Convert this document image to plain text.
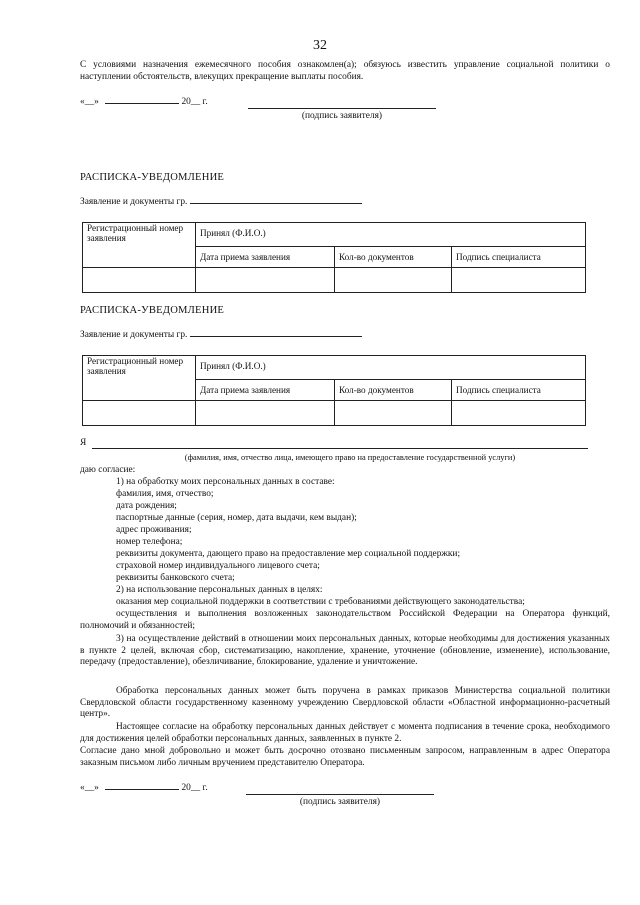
32
С условиями назначения ежемесячного пособия ознакомлен(а); обязуюсь известить управление социальной политики о наступлении обстоятельств, влекущих прекращение выплаты пособия.
«__»	20__ г.
(подпись заявителя)
РАСПИСКА-УВЕДОМЛЕНИЕ
Заявление и документы гр.
Регистрационный номер заявления	Принял (Ф.И.О.)		
	Дата приема заявления	Кол-во документов	Подпись специалиста

РАСПИСКА-УВЕДОМЛЕНИЕ
Заявление и документы гр.
Регистрационный номер заявления	Принял (Ф.И.О.)		
	Дата приема заявления	Кол-во документов	Подпись специалиста

Я
(фамилия, имя, отчество лица, имеющего право на предоставление государственной услуги)
даю согласие:
1) на обработку моих персональных данных в составе:
фамилия, имя, отчество;
дата рождения;
паспортные данные (серия, номер, дата выдачи, кем выдан);
адрес проживания;
номер телефона;
реквизиты документа, дающего право на предоставление мер социальной поддержки;
страховой номер индивидуального лицевого счета;
реквизиты банковского счета;
2) на использование персональных данных в целях:
оказания мер социальной поддержки в соответствии с требованиями действующего законодательства;
осуществления и выполнения возложенных законодательством Российской Федерации на Оператора функций, полномочий и обязанностей;
3) на осуществление действий в отношении моих персональных данных, которые необходимы для достижения указанных в пункте 2 целей, включая сбор, систематизацию, накопление, хранение, уточнение (обновление, изменение), использование, передачу (предоставление), обезличивание, блокирование, удаление и уничтожение.
Обработка персональных данных может быть поручена в рамках приказов Министерства социальной политики Свердловской области государственному казенному учреждению Свердловской области «Областной информационно-расчетный центр».
Настоящее согласие на обработку персональных данных действует с момента подписания в течение срока, необходимого для достижения целей обработки персональных данных, заявленных в пункте 2.
Согласие дано мной добровольно и может быть досрочно отозвано письменным запросом, направленным в адрес Оператора заказным письмом либо личным вручением представителю Оператора.
«__»	20__ г.
(подпись заявителя)
